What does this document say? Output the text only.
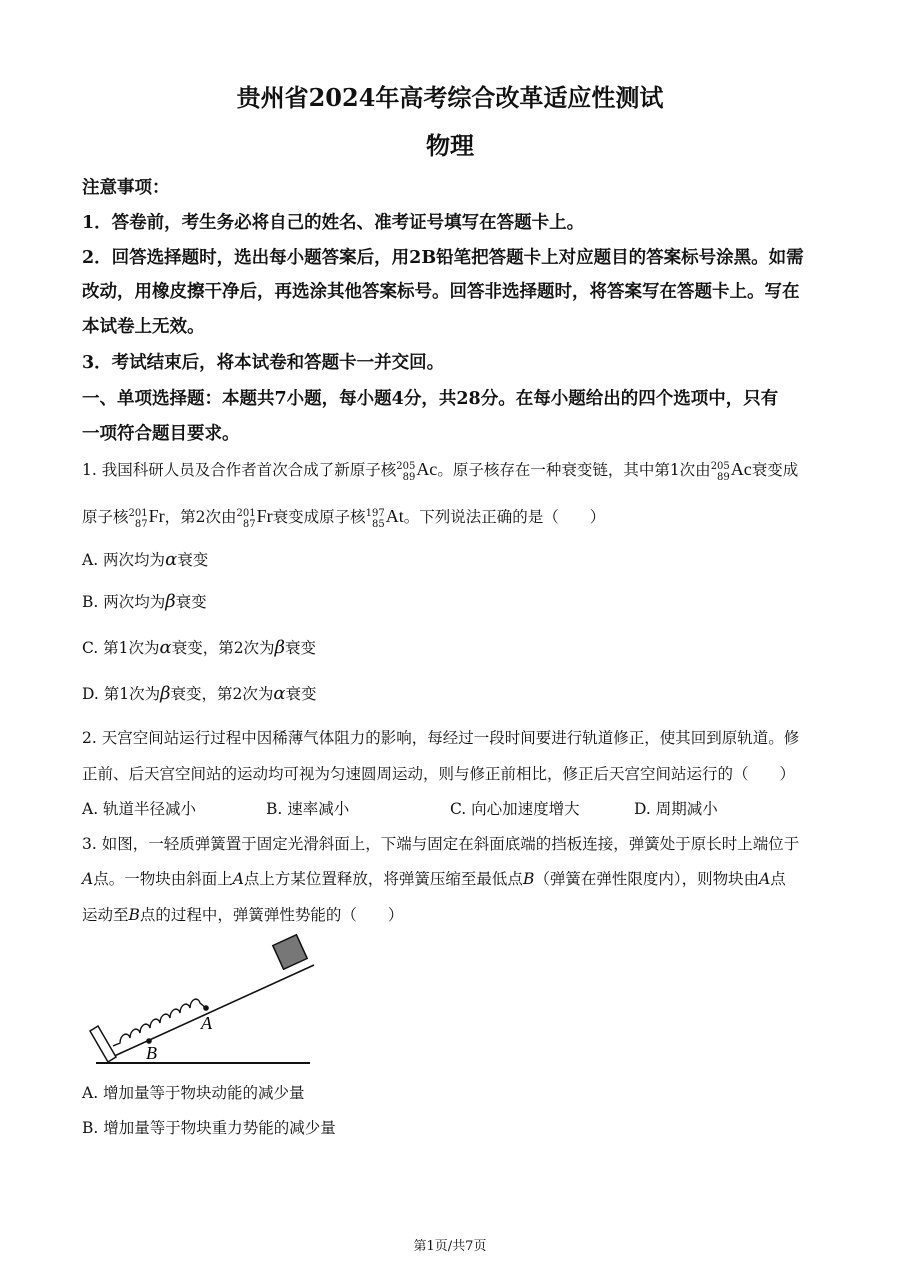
贵州省2024年高考综合改革适应性测试
物理
注意事项：
1．答卷前，考生务必将自己的姓名、准考证号填写在答题卡上。
2．回答选择题时，选出每小题答案后，用2B铅笔把答题卡上对应题目的答案标号涂黑。如需
改动，用橡皮擦干净后，再选涂其他答案标号。回答非选择题时，将答案写在答题卡上。写在
本试卷上无效。
3．考试结束后，将本试卷和答题卡一并交回。
一、单项选择题：本题共7小题，每小题4分，共28分。在每小题给出的四个选项中，只有
一项符合题目要求。
1. 我国科研人员及合作者首次合成了新原子核 205
89 Ac。原子核存在一种衰变链，其中第1次由 205
89 Ac衰变成
原子核 201
87 Fr，第2次由 201
87 Fr衰变成原子核 197
85 At。下列说法正确的是（　　）
A. 两次均为α衰变
B. 两次均为β衰变
C. 第1次为α衰变，第2次为β衰变
D. 第1次为β衰变，第2次为α衰变
2. 天宫空间站运行过程中因稀薄气体阻力的影响，每经过一段时间要进行轨道修正，使其回到原轨道。修
正前、后天宫空间站的运动均可视为匀速圆周运动，则与修正前相比，修正后天宫空间站运行的（　　）
A. 轨道半径减小	B. 速率减小	C. 向心加速度增大	D. 周期减小
3. 如图，一轻质弹簧置于固定光滑斜面上，下端与固定在斜面底端的挡板连接，弹簧处于原长时上端位于
A点。一物块由斜面上A点上方某位置释放，将弹簧压缩至最低点B（弹簧在弹性限度内），则物块由A点
运动至B点的过程中，弹簧弹性势能的（　　）
A
B
A. 增加量等于物块动能的减少量
B. 增加量等于物块重力势能的减少量
第1页/共7页
